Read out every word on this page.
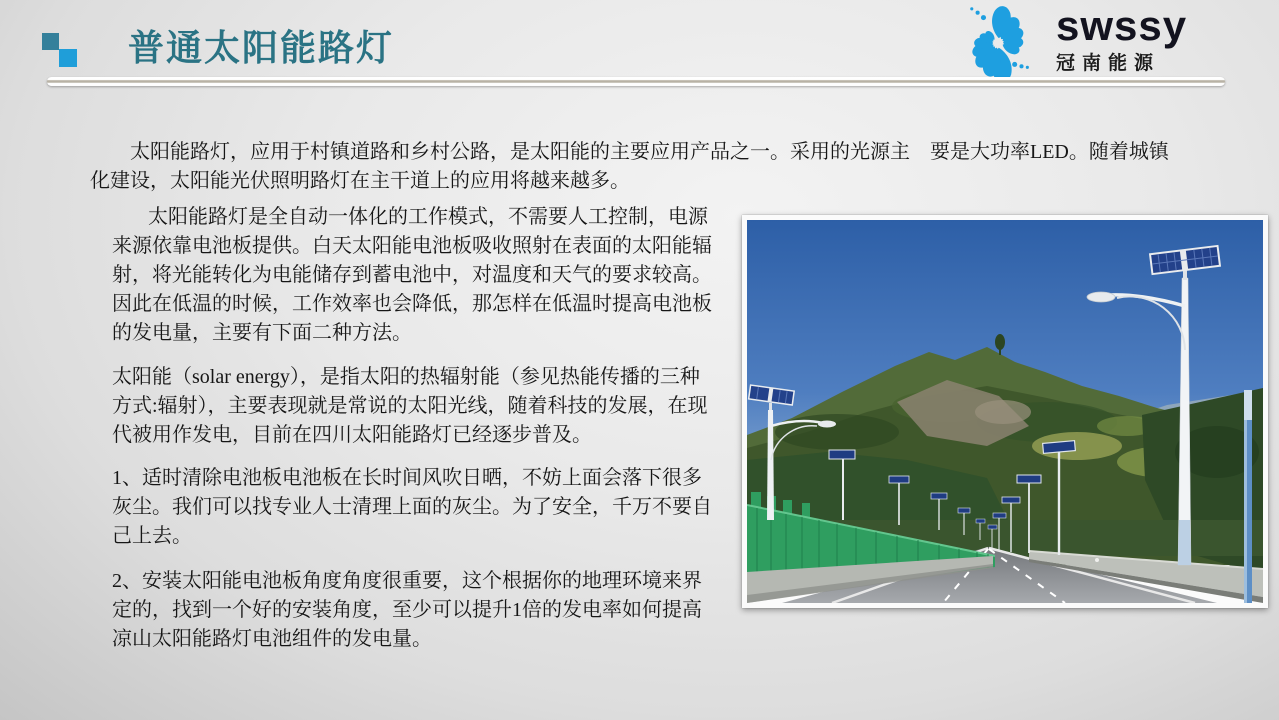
普通太阳能路灯	swssy
冠南能源

太阳能路灯，应用于村镇道路和乡村公路，是太阳能的主要应用产品之一。采用的光源主　要是大功率LED。随着城镇化建设，太阳能光伏照明路灯在主干道上的应用将越来越多。

太阳能路灯是全自动一体化的工作模式，不需要人工控制，电源来源依靠电池板提供。白天太阳能电池板吸收照射在表面的太阳能辐射，将光能转化为电能储存到蓄电池中，对温度和天气的要求较高。因此在低温的时候，工作效率也会降低，那怎样在低温时提高电池板的发电量，主要有下面二种方法。

太阳能（solar energy），是指太阳的热辐射能（参见热能传播的三种方式:辐射），主要表现就是常说的太阳光线，随着科技的发展，在现代被用作发电，目前在四川太阳能路灯已经逐步普及。

1、适时清除电池板电池板在长时间风吹日晒，不妨上面会落下很多灰尘。我们可以找专业人士清理上面的灰尘。为了安全，千万不要自己上去。

2、安装太阳能电池板角度角度很重要，这个根据你的地理环境来界定的，找到一个好的安装角度，至少可以提升1倍的发电率如何提高凉山太阳能路灯电池组件的发电量。
